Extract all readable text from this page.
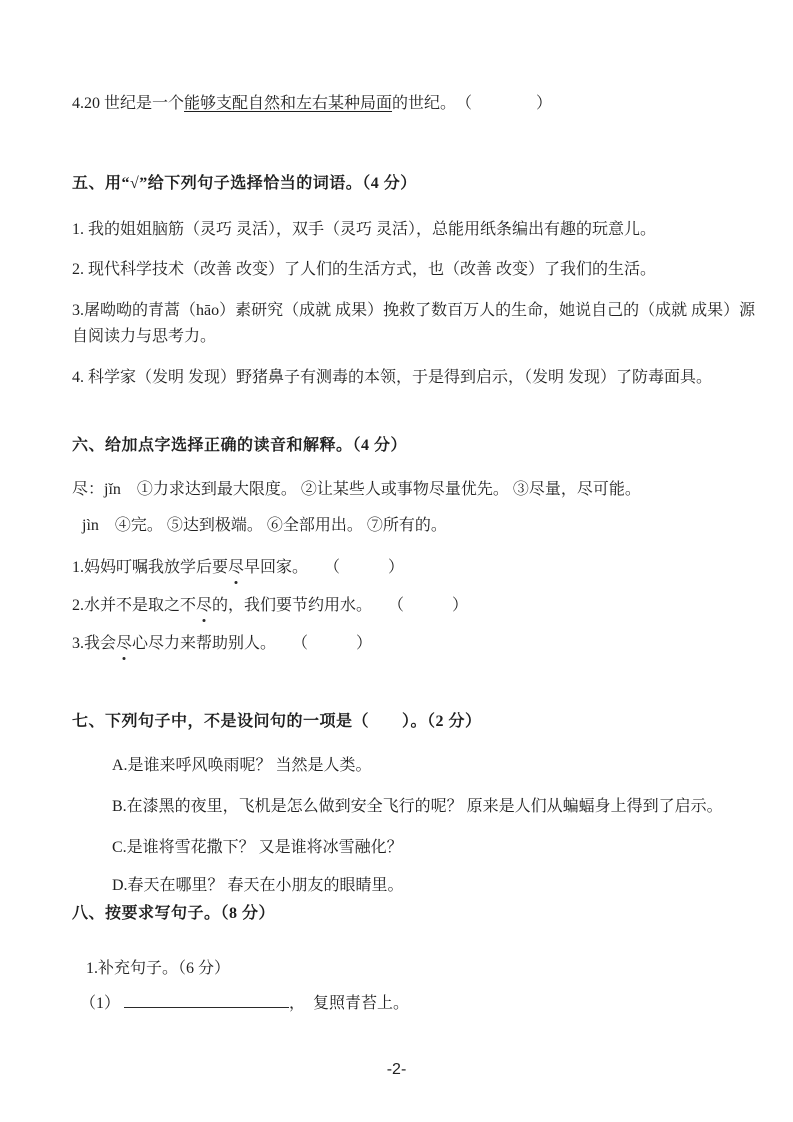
4.20 世纪是一个能够支配自然和左右某种局面的世纪。　（　　　　）
五、用“√”给下列句子选择恰当的词语。（4 分）
1. 我的姐姐脑筋（灵巧 灵活），双手（灵巧 灵活），总能用纸条编出有趣的玩意儿。
2. 现代科学技术（改善 改变）了人们的生活方式，也（改善 改变）了我们的生活。
3.屠呦呦的青蒿（hāo）素研究（成就 成果）挽救了数百万人的生命，她说自己的（成就 成果）源自阅读力与思考力。
4. 科学家（发明 发现）野猪鼻子有测毒的本领，于是得到启示，（发明 发现）了防毒面具。
六、给加点字选择正确的读音和解释。（4 分）
尽：jǐn　①力求达到最大限度。 ②让某些人或事物尽量优先。 ③尽量，尽可能。
jìn　④完。 ⑤达到极端。 ⑥全部用出。 ⑦所有的。
1.妈妈叮嘱我放学后要尽早回家。　　（　　　）
2.水并不是取之不尽的，我们要节约用水。　　（　　　）
3.我会尽心尽力来帮助别人。　　（　　　）
七、下列句子中，不是设问句的一项是（　　）。（2 分）
A.是谁来呼风唤雨呢？ 当然是人类。
B.在漆黑的夜里，飞机是怎么做到安全飞行的呢？ 原来是人们从蝙蝠身上得到了启示。
C.是谁将雪花撒下？ 又是谁将冰雪融化？
D.春天在哪里？ 春天在小朋友的眼睛里。
八、按要求写句子。（8 分）
1.补充句子。（6 分）
（1）	，　复照青苔上。
-2-
